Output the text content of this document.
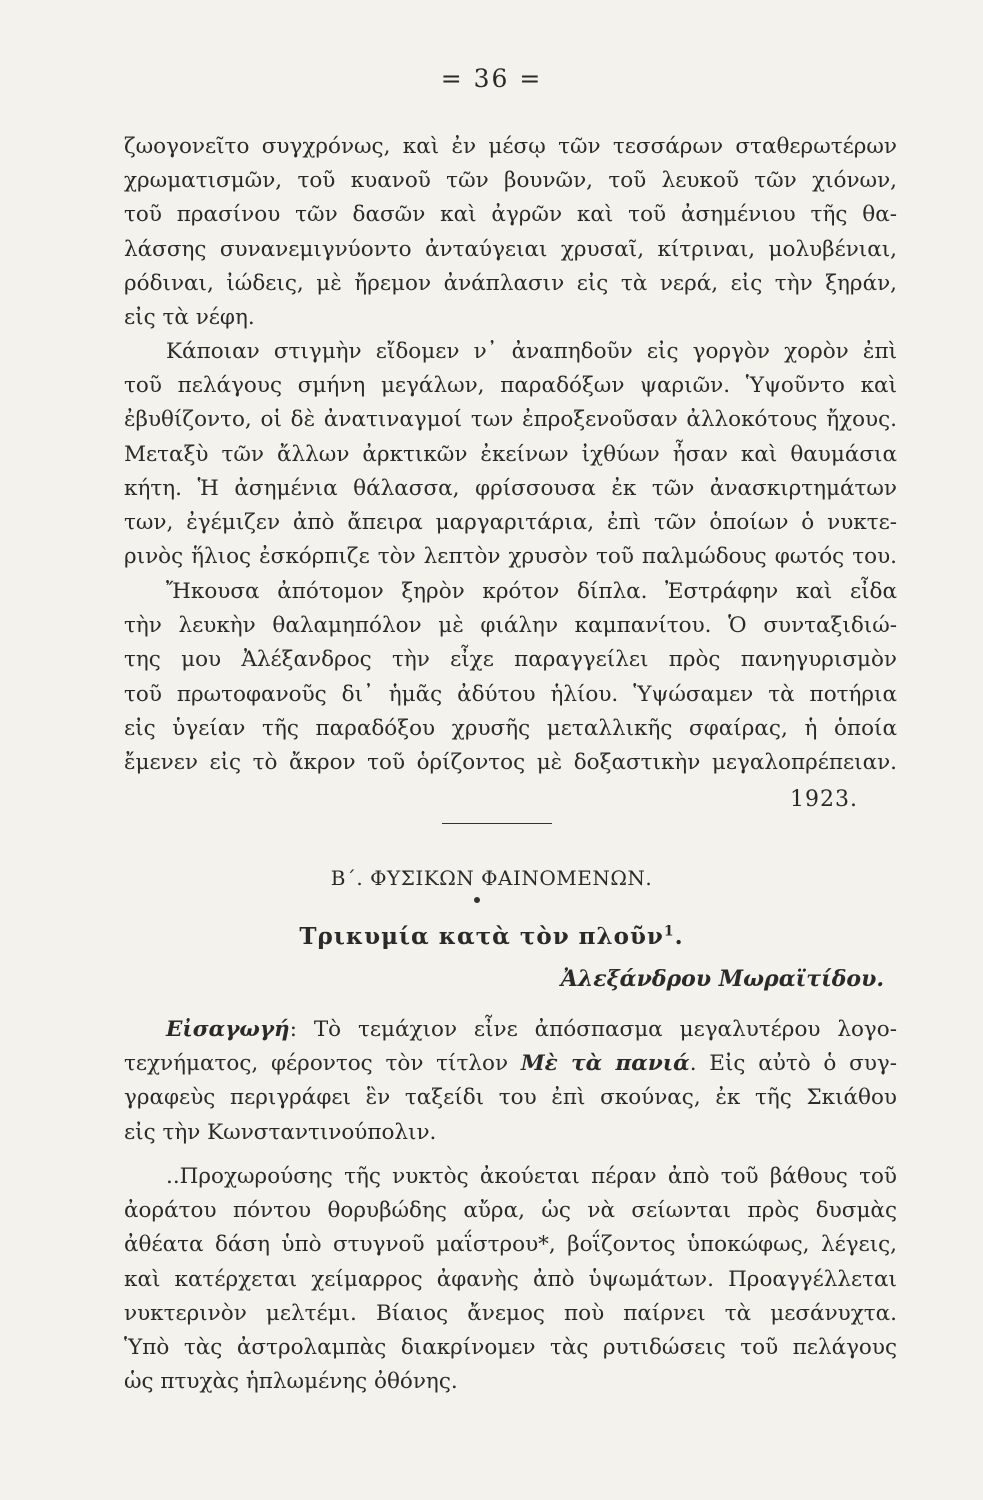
= 36 =
ζωογονεῖτο συγχρόνως, καὶ ἐν μέσῳ τῶν τεσσάρων σταθερωτέρων
χρωματισμῶν, τοῦ κυανοῦ τῶν βουνῶν, τοῦ λευκοῦ τῶν χιόνων,
τοῦ πρασίνου τῶν δασῶν καὶ ἀγρῶν καὶ τοῦ ἀσημένιου τῆς θα-
λάσσης συνανεμιγνύοντο ἀνταύγειαι χρυσαῖ, κίτριναι, μολυβένιαι,
ρόδιναι, ἰώδεις, μὲ ἤρεμον ἀνάπλασιν εἰς τὰ νερά, εἰς τὴν ξηράν,
εἰς τὰ νέφη.
Κάποιαν στιγμὴν εἴδομεν ν᾽ ἀναπηδοῦν εἰς γοργὸν χορὸν ἐπὶ
τοῦ πελάγους σμήνη μεγάλων, παραδόξων ψαριῶν. Ὑψοῦντο καὶ
ἐβυθίζοντο, οἱ δὲ ἀνατιναγμοί των ἐπροξενοῦσαν ἀλλοκότους ἤχους.
Μεταξὺ τῶν ἄλλων ἀρκτικῶν ἐκείνων ἰχθύων ἦσαν καὶ θαυμάσια
κήτη. Ἡ ἀσημένια θάλασσα, φρίσσουσα ἐκ τῶν ἀνασκιρτημάτων
των, ἐγέμιζεν ἀπὸ ἄπειρα μαργαριτάρια, ἐπὶ τῶν ὁποίων ὁ νυκτε-
ρινὸς ἥλιος ἐσκόρπιζε τὸν λεπτὸν χρυσὸν τοῦ παλμώδους φωτός του.
Ἤκουσα ἀπότομον ξηρὸν κρότον δίπλα. Ἐστράφην καὶ εἶδα
τὴν λευκὴν θαλαμηπόλον μὲ φιάλην καμπανίτου. Ὁ συνταξιδιώ-
της μου Ἀλέξανδρος τὴν εἶχε παραγγείλει πρὸς πανηγυρισμὸν
τοῦ πρωτοφανοῦς δι᾽ ἡμᾶς ἀδύτου ἡλίου. Ὑψώσαμεν τὰ ποτήρια
εἰς ὑγείαν τῆς παραδόξου χρυσῆς μεταλλικῆς σφαίρας, ἡ ὁποία
ἔμενεν εἰς τὸ ἄκρον τοῦ ὁρίζοντος μὲ δοξαστικὴν μεγαλοπρέπειαν.
1923.
Β΄. ΦΥΣΙΚΩΝ ΦΑΙΝΟΜΕΝΩΝ.
Τρικυμία κατὰ τὸν πλοῦν$^1$.
Ἀλεξάνδρου Μωραϊτίδου.
Εἰσαγωγή: Τὸ τεμάχιον εἶνε ἀπόσπασμα μεγαλυτέρου λογο-
τεχνήματος, φέροντος τὸν τίτλον Μὲ τὰ πανιά. Εἰς αὐτὸ ὁ συγ-
γραφεὺς περιγράφει ἓν ταξείδι του ἐπὶ σκούνας, ἐκ τῆς Σκιάθου
εἰς τὴν Κωνσταντινούπολιν.
..Προχωρούσης τῆς νυκτὸς ἀκούεται πέραν ἀπὸ τοῦ βάθους τοῦ
ἀοράτου πόντου θορυβώδης αὔρα, ὡς νὰ σείωνται πρὸς δυσμὰς
ἀθέατα δάση ὑπὸ στυγνοῦ μαΐστρου*, βοΐζοντος ὑποκώφως, λέγεις,
καὶ κατέρχεται χείμαρρος ἀφανὴς ἀπὸ ὑψωμάτων. Προαγγέλλεται
νυκτερινὸν μελτέμι. Βίαιος ἄνεμος ποὺ παίρνει τὰ μεσάνυχτα.
Ὑπὸ τὰς ἀστρολαμπὰς διακρίνομεν τὰς ρυτιδώσεις τοῦ πελάγους
ὡς πτυχὰς ἡπλωμένης ὀθόνης.
